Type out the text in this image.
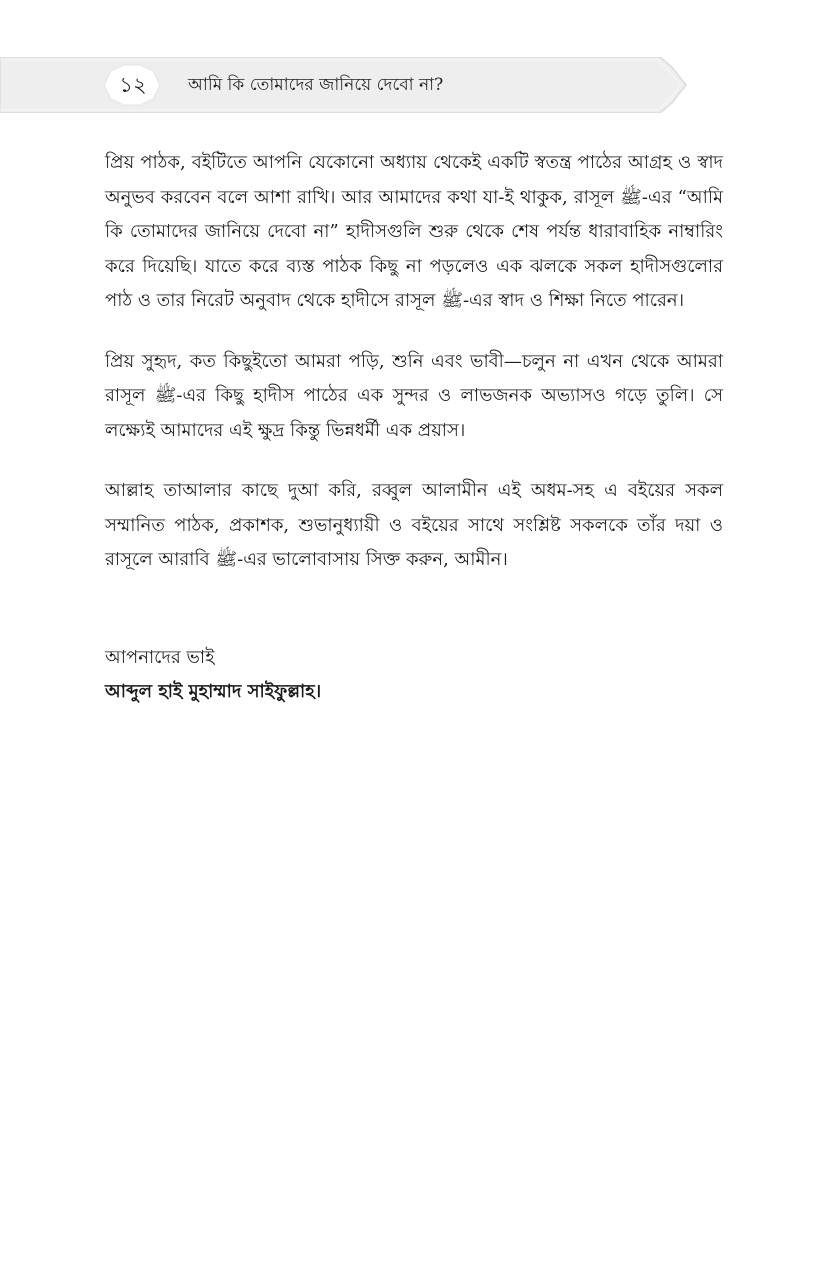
১২	আমি কি তোমাদের জানিয়ে দেবো না?

প্রিয় পাঠক, বইটিতে আপনি যেকোনো অধ্যায় থেকেই একটি স্বতন্ত্র পাঠের আগ্রহ ও স্বাদ অনুভব করবেন বলে আশা রাখি। আর আমাদের কথা যা-ই থাকুক, রাসূল ﷺ-এর “আমি কি তোমাদের জানিয়ে দেবো না” হাদীসগুলি শুরু থেকে শেষ পর্যন্ত ধারাবাহিক নাম্বারিং করে দিয়েছি। যাতে করে ব্যস্ত পাঠক কিছু না পড়লেও এক ঝলকে সকল হাদীসগুলোর পাঠ ও তার নিরেট অনুবাদ থেকে হাদীসে রাসূল ﷺ-এর স্বাদ ও শিক্ষা নিতে পারেন।

প্রিয় সুহৃদ, কত কিছুইতো আমরা পড়ি, শুনি এবং ভাবী—চলুন না এখন থেকে আমরা রাসূল ﷺ-এর কিছু হাদীস পাঠের এক সুন্দর ও লাভজনক অভ্যাসও গড়ে তুলি। সে লক্ষ্যেই আমাদের এই ক্ষুদ্র কিন্তু ভিন্নধর্মী এক প্রয়াস।

আল্লাহ তাআলার কাছে দুআ করি, রব্বুল আলামীন এই অধম-সহ এ বইয়ের সকল সম্মানিত পাঠক, প্রকাশক, শুভানুধ্যায়ী ও বইয়ের সাথে সংশ্লিষ্ট সকলকে তাঁর দয়া ও রাসূলে আরাবি ﷺ-এর ভালোবাসায় সিক্ত করুন, আমীন।

আপনাদের ভাই
আব্দুল হাই মুহাম্মাদ সাইফুল্লাহ।
